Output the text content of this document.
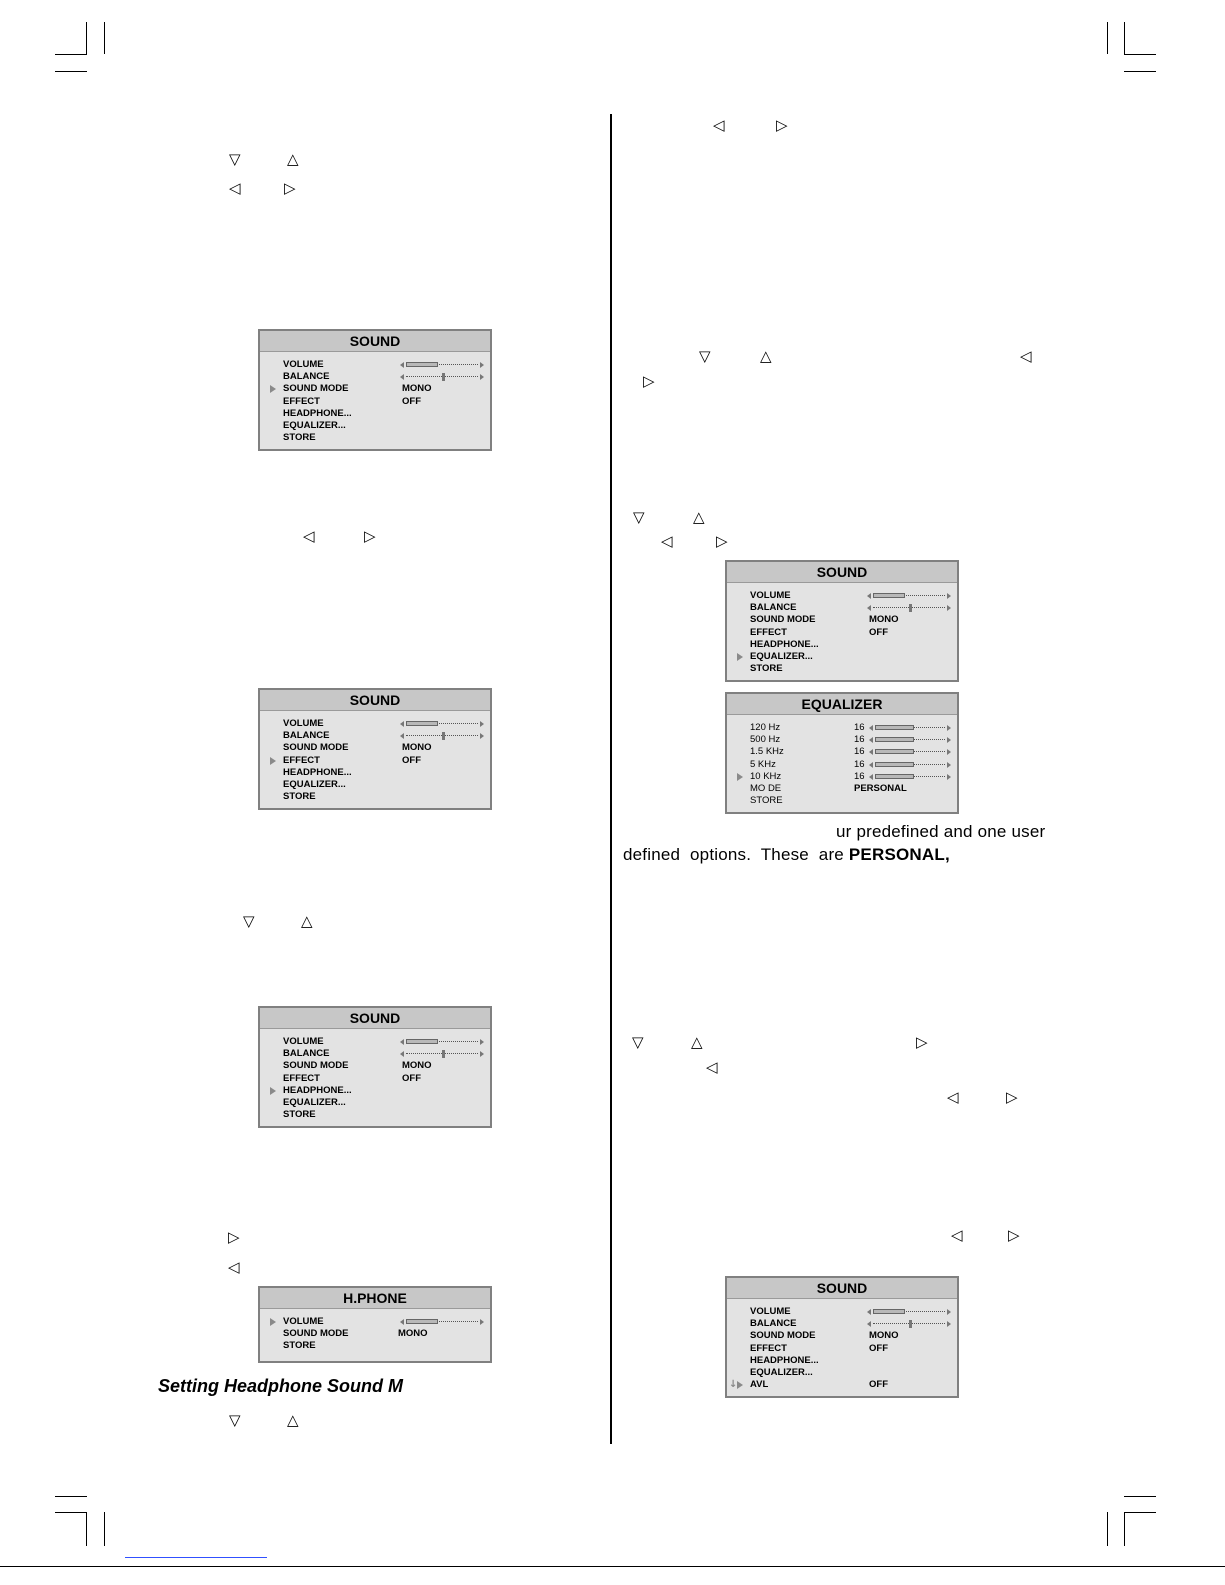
▽	△
◁	▷
◁	▷
▽	△
▷
◁
▽	△
◁	▷
▽	△	◁
▷
▽	△
◁	▷
▽	△	▷
◁
◁	▷
◁	▷
SOUND
VOLUME
BALANCE
SOUND MODE	MONO
EFFECT	OFF
HEADPHONE...
EQUALIZER...
STORE
SOUND
VOLUME
BALANCE
SOUND MODE	MONO
EFFECT	OFF
HEADPHONE...
EQUALIZER...
STORE
SOUND
VOLUME
BALANCE
SOUND MODE	MONO
EFFECT	OFF
HEADPHONE...
EQUALIZER...
STORE
H.PHONE
VOLUME
SOUND MODE	MONO
STORE
SOUND
VOLUME
BALANCE
SOUND MODE	MONO
EFFECT	OFF
HEADPHONE...
EQUALIZER...
STORE
EQUALIZER
120 Hz	16
500 Hz	16
1.5 KHz	16
5 KHz	16
10 KHz	16
MO DE	PERSONAL
STORE
SOUND
VOLUME
BALANCE
SOUND MODE	MONO
EFFECT	OFF
HEADPHONE...
EQUALIZER...
↓ AVL	OFF
Setting Headphone Sound M
ur predefined and one user
defined  options.  These  are PERSONAL,
